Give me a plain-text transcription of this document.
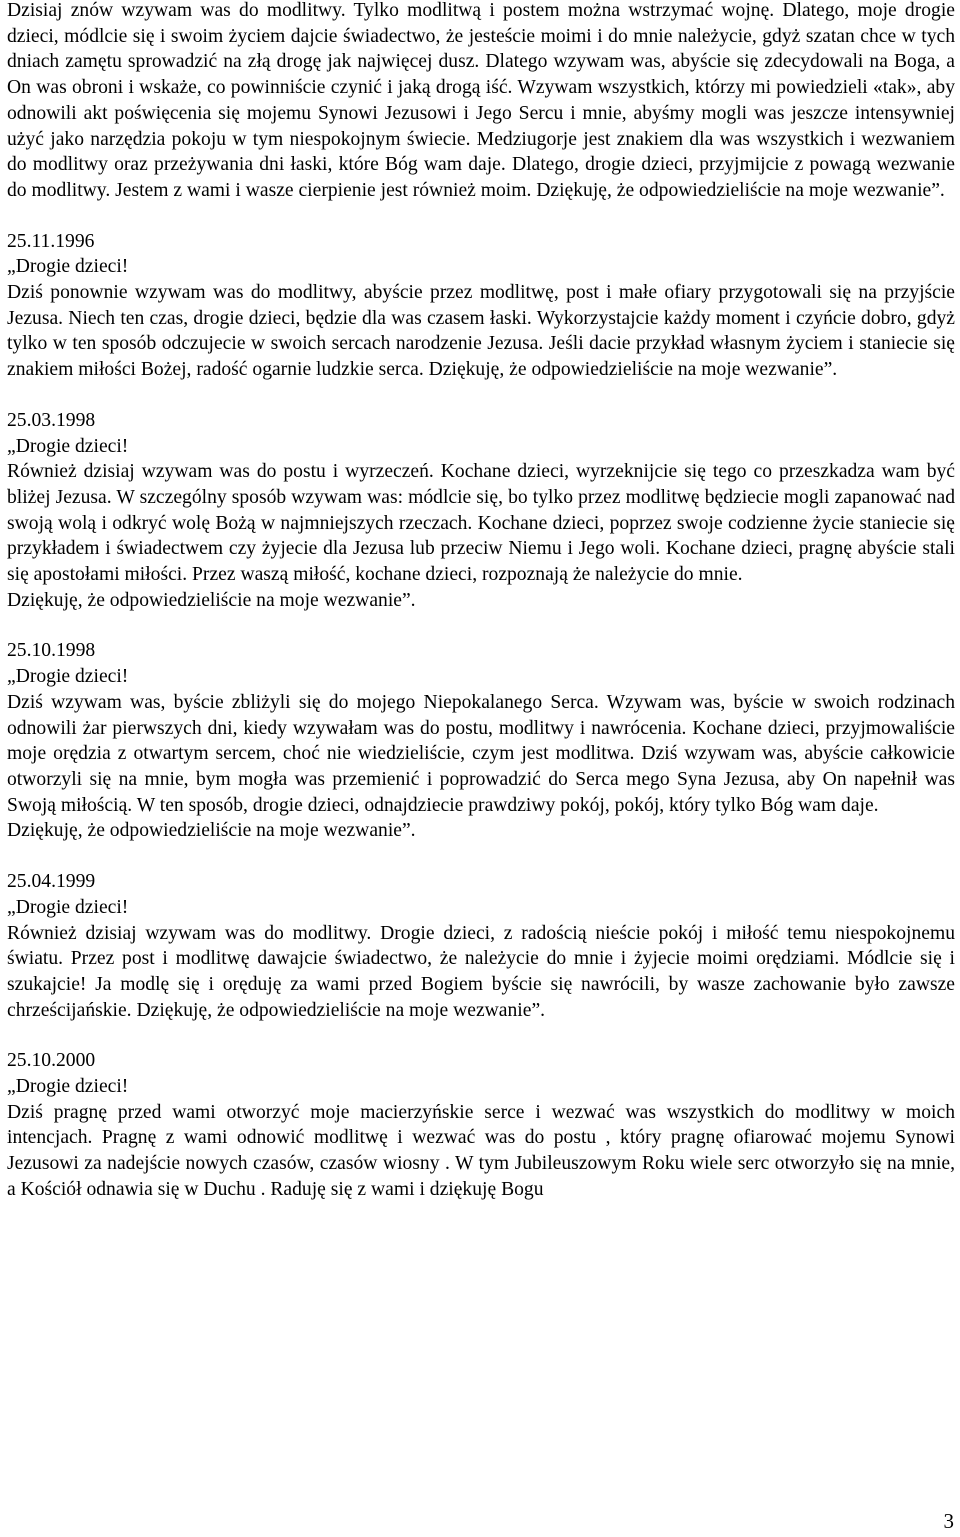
Dzisiaj znów wzywam was do modlitwy. Tylko modlitwą i postem można wstrzymać wojnę. Dlatego, moje drogie dzieci, módlcie się i swoim życiem dajcie świadectwo, że jesteście moimi i do mnie należycie, gdyż szatan chce w tych dniach zamętu sprowadzić na złą drogę jak najwięcej dusz. Dlatego wzywam was, abyście się zdecydowali na Boga, a On was obroni i wskaże, co powinniście czynić i jaką drogą iść. Wzywam wszystkich, którzy mi powiedzieli «tak», aby odnowili akt poświęcenia się mojemu Synowi Jezusowi i Jego Sercu i mnie, abyśmy mogli was jeszcze intensywniej użyć jako narzędzia pokoju w tym niespokojnym świecie. Medziugorje jest znakiem dla was wszystkich i wezwaniem do modlitwy oraz przeżywania dni łaski, które Bóg wam daje. Dlatego, drogie dzieci, przyjmijcie z powagą wezwanie do modlitwy. Jestem z wami i wasze cierpienie jest również moim. Dziękuję, że odpowiedzieliście na moje wezwanie”.

25.11.1996

„Drogie dzieci!

Dziś ponownie wzywam was do modlitwy, abyście przez modlitwę, post i małe ofiary przygotowali się na przyjście Jezusa. Niech ten czas, drogie dzieci, będzie dla was czasem łaski. Wykorzystajcie każdy moment i czyńcie dobro, gdyż tylko w ten sposób odczujecie w swoich sercach narodzenie Jezusa. Jeśli dacie przykład własnym życiem i staniecie się znakiem miłości Bożej, radość ogarnie ludzkie serca. Dziękuję, że odpowiedzieliście na moje wezwanie”.

25.03.1998

„Drogie dzieci!

Również dzisiaj wzywam was do postu i wyrzeczeń. Kochane dzieci, wyrzeknijcie się tego co przeszkadza wam być bliżej Jezusa. W szczególny sposób wzywam was: módlcie się, bo tylko przez modlitwę będziecie mogli zapanować nad swoją wolą i odkryć wolę Bożą w najmniejszych rzeczach. Kochane dzieci, poprzez swoje codzienne życie staniecie się przykładem i świadectwem czy żyjecie dla Jezusa lub przeciw Niemu i Jego woli. Kochane dzieci, pragnę abyście stali się apostołami miłości. Przez waszą miłość, kochane dzieci, rozpoznają że należycie do mnie.

Dziękuję, że odpowiedzieliście na moje wezwanie”.

25.10.1998

„Drogie dzieci!

Dziś wzywam was, byście zbliżyli się do mojego Niepokalanego Serca. Wzywam was, byście w swoich rodzinach odnowili żar pierwszych dni, kiedy wzywałam was do postu, modlitwy i nawrócenia. Kochane dzieci, przyjmowaliście moje orędzia z otwartym sercem, choć nie wiedzieliście, czym jest modlitwa. Dziś wzywam was, abyście całkowicie otworzyli się na mnie, bym mogła was przemienić i poprowadzić do Serca mego Syna Jezusa, aby On napełnił was Swoją miłością. W ten sposób, drogie dzieci, odnajdziecie prawdziwy pokój, pokój, który tylko Bóg wam daje.

Dziękuję, że odpowiedzieliście na moje wezwanie”.

25.04.1999

„Drogie dzieci!

Również dzisiaj wzywam was do modlitwy. Drogie dzieci, z radością nieście pokój i miłość temu niespokojnemu światu. Przez post i modlitwę dawajcie świadectwo, że należycie do mnie i żyjecie moimi orędziami. Módlcie się i szukajcie! Ja modlę się i oręduję za wami przed Bogiem byście się nawrócili, by wasze zachowanie było zawsze chrześcijańskie. Dziękuję, że odpowiedzieliście na moje wezwanie”.

25.10.2000

„Drogie dzieci!

Dziś pragnę przed wami otworzyć moje macierzyńskie serce i wezwać was wszystkich do modlitwy w moich intencjach. Pragnę z wami odnowić modlitwę i wezwać was do postu , który pragnę ofiarować mojemu Synowi Jezusowi za nadejście nowych czasów, czasów wiosny . W tym Jubileuszowym Roku wiele serc otworzyło się na mnie, a Kościół odnawia się w Duchu . Raduję się z wami i dziękuję Bogu

3
